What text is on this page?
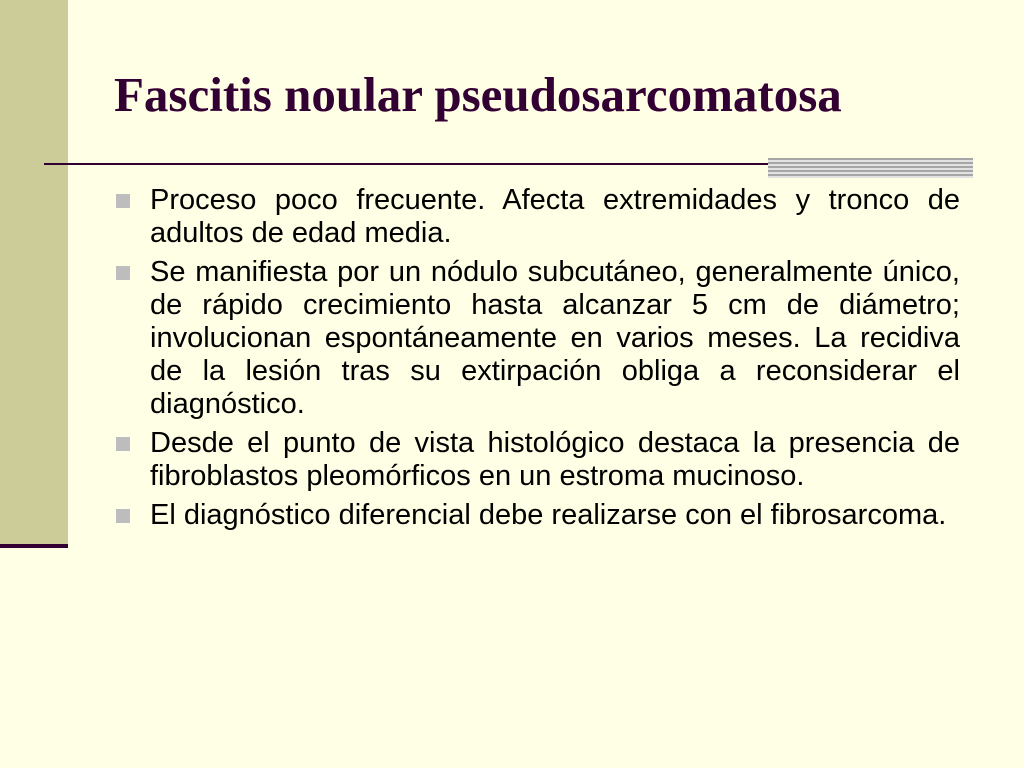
Fascitis noular pseudosarcomatosa
Proceso poco frecuente. Afecta extremidades y tronco de adultos de edad media.
Se manifiesta por un nódulo subcutáneo, generalmente único, de rápido crecimiento hasta alcanzar 5 cm de diámetro; involucionan espontáneamente en varios meses. La recidiva de la lesión tras su extirpación obliga a reconsiderar el diagnóstico.
Desde el punto de vista histológico destaca la presencia de fibroblastos pleomórficos en un estroma mucinoso.
El diagnóstico diferencial debe realizarse con el fibrosarcoma.
